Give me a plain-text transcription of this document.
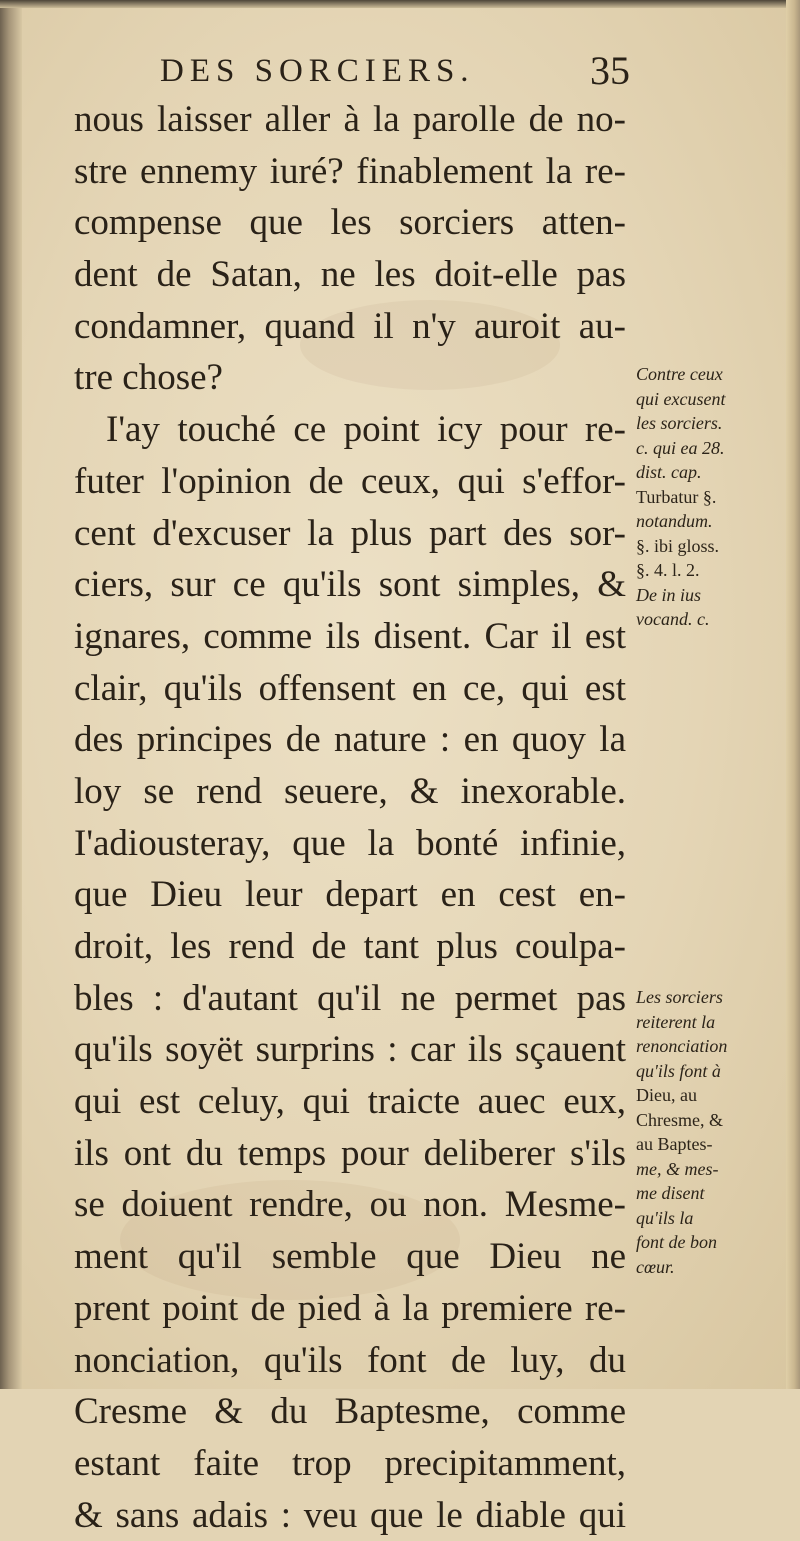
DES SORCIERS.	35
nous laisser aller à la parolle de no-
stre ennemy iuré? finablement la re-
compense que les sorciers atten-
dent de Satan, ne les doit-elle pas
condamner, quand il n'y auroit au-
tre chose?
I'ay touché ce point icy pour re-
futer l'opinion de ceux, qui s'effor-
cent d'excuser la plus part des sor-
ciers, sur ce qu'ils sont simples, &
ignares, comme ils disent. Car il est
clair, qu'ils offensent en ce, qui est
des principes de nature : en quoy la
loy se rend seuere, & inexorable.
I'adiousteray, que la bonté infinie,
que Dieu leur depart en cest en-
droit, les rend de tant plus coulpa-
bles : d'autant qu'il ne permet pas
qu'ils soyët surprins : car ils sçauent
qui est celuy, qui traicte auec eux,
ils ont du temps pour deliberer s'ils
se doiuent rendre, ou non. Mesme-
ment qu'il semble que Dieu ne
prent point de pied à la premiere re-
nonciation, qu'ils font de luy, du
Cresme & du Baptesme, comme
estant faite trop precipitamment,
& sans adais : veu que le diable qui
Contre ceux
qui excusent
les sorciers.
c. qui ea 28.
dist. cap.
Turbatur §.
notandum.
§. ibi gloss.
§. 4. l. 2.
De in ius
vocand. c.
Les sorciers
reiterent la
renonciation
qu'ils font à
Dieu, au
Chresme, &
au Baptes-
me, & mes-
me disent
qu'ils la
font de bon
cœur.
